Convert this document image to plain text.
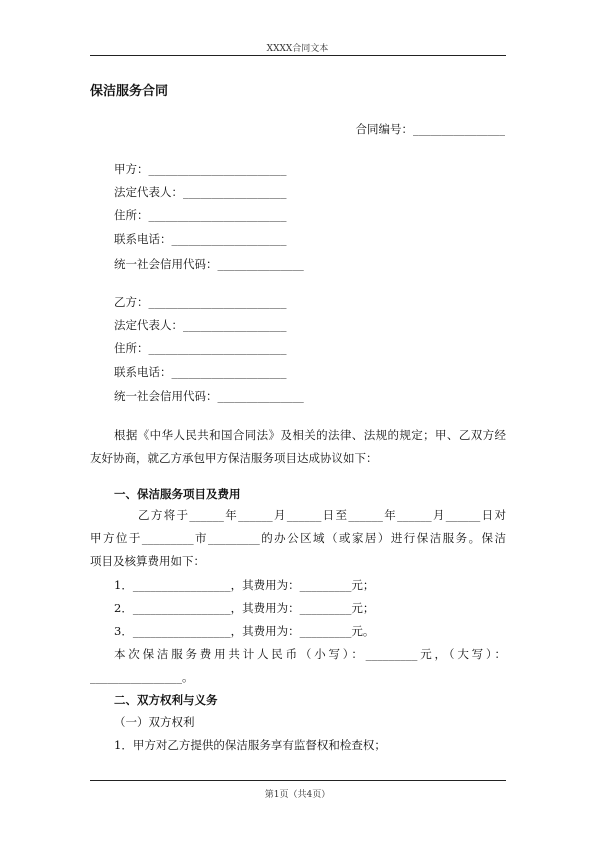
XXXX合同文本
保洁服务合同
合同编号：________________
甲方：________________________
法定代表人：__________________
住所：________________________
联系电话：____________________
统一社会信用代码：_______________
乙方：________________________
法定代表人：__________________
住所：________________________
联系电话：____________________
统一社会信用代码：_______________
根据《中华人民共和国合同法》及相关的法律、法规的规定；甲、乙双方经
友好协商，就乙方承包甲方保洁服务项目达成协议如下：
一、保洁服务项目及费用
乙方将于______年______月______日至______年______月______日对
甲方位于_________市_________的办公区域（或家居）进行保洁服务。保洁
项目及核算费用如下：
1．_________________，其费用为：_________元；
2．_________________，其费用为：_________元；
3．_________________，其费用为：_________元。
本次保洁服务费用共计人民币（小写）：_________元，（大写）：
________________。
二、双方权利与义务
（一）双方权利
1．甲方对乙方提供的保洁服务享有监督权和检查权；
第1页（共4页）
